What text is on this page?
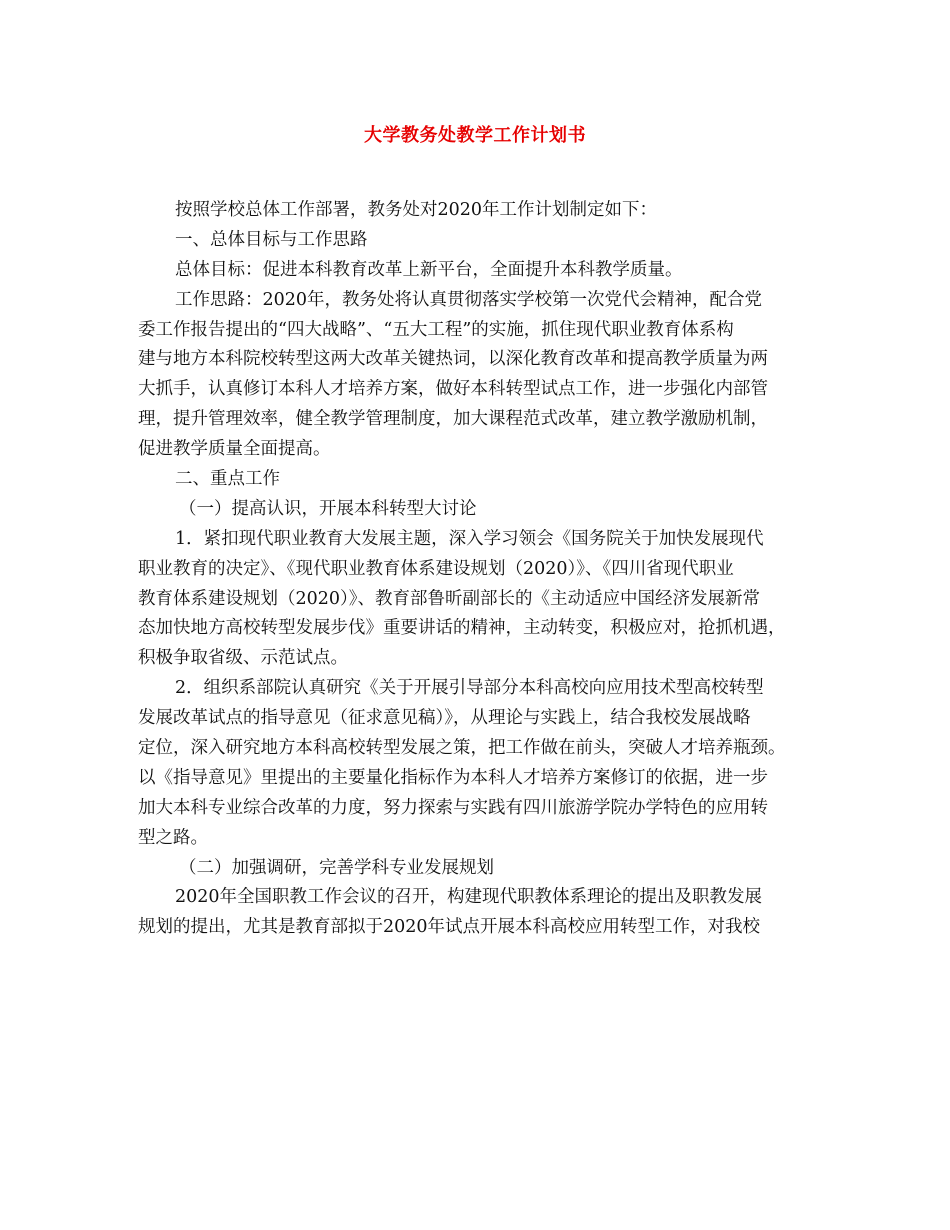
大学教务处教学工作计划书
按照学校总体工作部署，教务处对2020年工作计划制定如下：
一、总体目标与工作思路
总体目标：促进本科教育改革上新平台，全面提升本科教学质量。
工作思路：2020年，教务处将认真贯彻落实学校第一次党代会精神，配合党
委工作报告提出的“四大战略”、“五大工程”的实施，抓住现代职业教育体系构
建与地方本科院校转型这两大改革关键热词，以深化教育改革和提高教学质量为两
大抓手，认真修订本科人才培养方案，做好本科转型试点工作，进一步强化内部管
理，提升管理效率，健全教学管理制度，加大课程范式改革，建立教学激励机制，
促进教学质量全面提高。
二、重点工作
（一）提高认识，开展本科转型大讨论
1．紧扣现代职业教育大发展主题，深入学习领会《国务院关于加快发展现代
职业教育的决定》、《现代职业教育体系建设规划（2020）》、《四川省现代职业
教育体系建设规划（2020）》、教育部鲁昕副部长的《主动适应中国经济发展新常
态加快地方高校转型发展步伐》重要讲话的精神，主动转变，积极应对，抢抓机遇，
积极争取省级、示范试点。
2．组织系部院认真研究《关于开展引导部分本科高校向应用技术型高校转型
发展改革试点的指导意见（征求意见稿）》，从理论与实践上，结合我校发展战略
定位，深入研究地方本科高校转型发展之策，把工作做在前头，突破人才培养瓶颈。
以《指导意见》里提出的主要量化指标作为本科人才培养方案修订的依据，进一步
加大本科专业综合改革的力度，努力探索与实践有四川旅游学院办学特色的应用转
型之路。
（二）加强调研，完善学科专业发展规划
2020年全国职教工作会议的召开，构建现代职教体系理论的提出及职教发展
规划的提出，尤其是教育部拟于2020年试点开展本科高校应用转型工作，对我校
